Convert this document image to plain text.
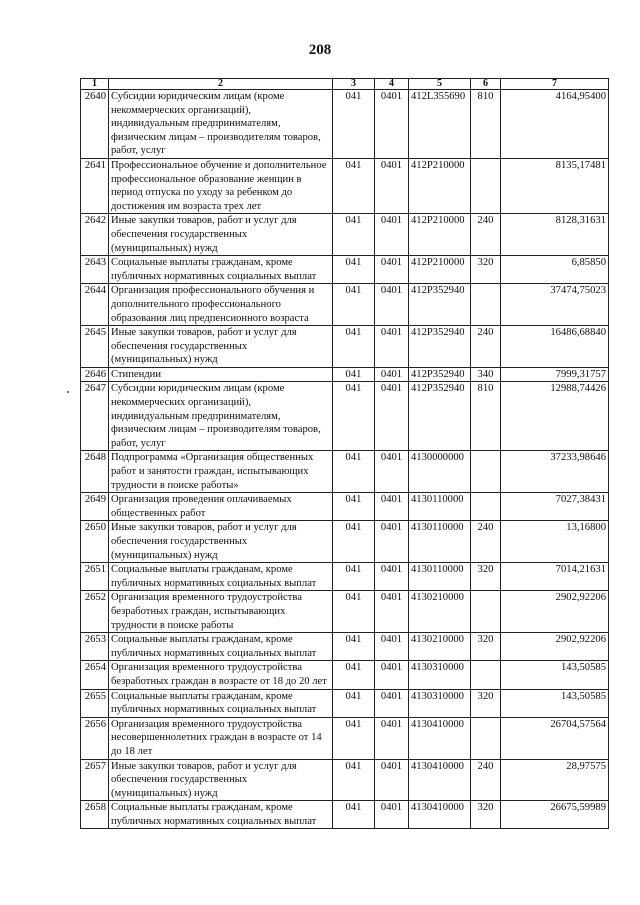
208
1	2	3	4	5	6	7
2640	Субсидии юридическим лицам (кроме
некоммерческих организаций),
индивидуальным предпринимателям,
физическим лицам – производителям товаров,
работ, услуг	041	0401	412L355690	810	4164,95400
2641	Профессиональное обучение и дополнительное
профессиональное образование женщин в
период отпуска по уходу за ребенком до
достижения им возраста трех лет	041	0401	412P210000		8135,17481
2642	Иные закупки товаров, работ и услуг для
обеспечения государственных
(муниципальных) нужд	041	0401	412P210000	240	8128,31631
2643	Социальные выплаты гражданам, кроме
публичных нормативных социальных выплат	041	0401	412P210000	320	6,85850
2644	Организация профессионального обучения и
дополнительного профессионального
образования лиц предпенсионного возраста	041	0401	412P352940		37474,75023
2645	Иные закупки товаров, работ и услуг для
обеспечения государственных
(муниципальных) нужд	041	0401	412P352940	240	16486,68840
2646	Стипендии	041	0401	412P352940	340	7999,31757
2647	Субсидии юридическим лицам (кроме
некоммерческих организаций),
индивидуальным предпринимателям,
физическим лицам – производителям товаров,
работ, услуг	041	0401	412P352940	810	12988,74426
2648	Подпрограмма «Организация общественных
работ и занятости граждан, испытывающих
трудности в поиске работы»	041	0401	4130000000		37233,98646
2649	Организация проведения оплачиваемых
общественных работ	041	0401	4130110000		7027,38431
2650	Иные закупки товаров, работ и услуг для
обеспечения государственных
(муниципальных) нужд	041	0401	4130110000	240	13,16800
2651	Социальные выплаты гражданам, кроме
публичных нормативных социальных выплат	041	0401	4130110000	320	7014,21631
2652	Организация временного трудоустройства
безработных граждан, испытывающих
трудности в поиске работы	041	0401	4130210000		2902,92206
2653	Социальные выплаты гражданам, кроме
публичных нормативных социальных выплат	041	0401	4130210000	320	2902,92206
2654	Организация временного трудоустройства
безработных граждан в возрасте от 18 до 20 лет	041	0401	4130310000		143,50585
2655	Социальные выплаты гражданам, кроме
публичных нормативных социальных выплат	041	0401	4130310000	320	143,50585
2656	Организация временного трудоустройства
несовершеннолетних граждан в возрасте от 14
до 18 лет	041	0401	4130410000		26704,57564
2657	Иные закупки товаров, работ и услуг для
обеспечения государственных
(муниципальных) нужд	041	0401	4130410000	240	28,97575
2658	Социальные выплаты гражданам, кроме
публичных нормативных социальных выплат	041	0401	4130410000	320	26675,59989
